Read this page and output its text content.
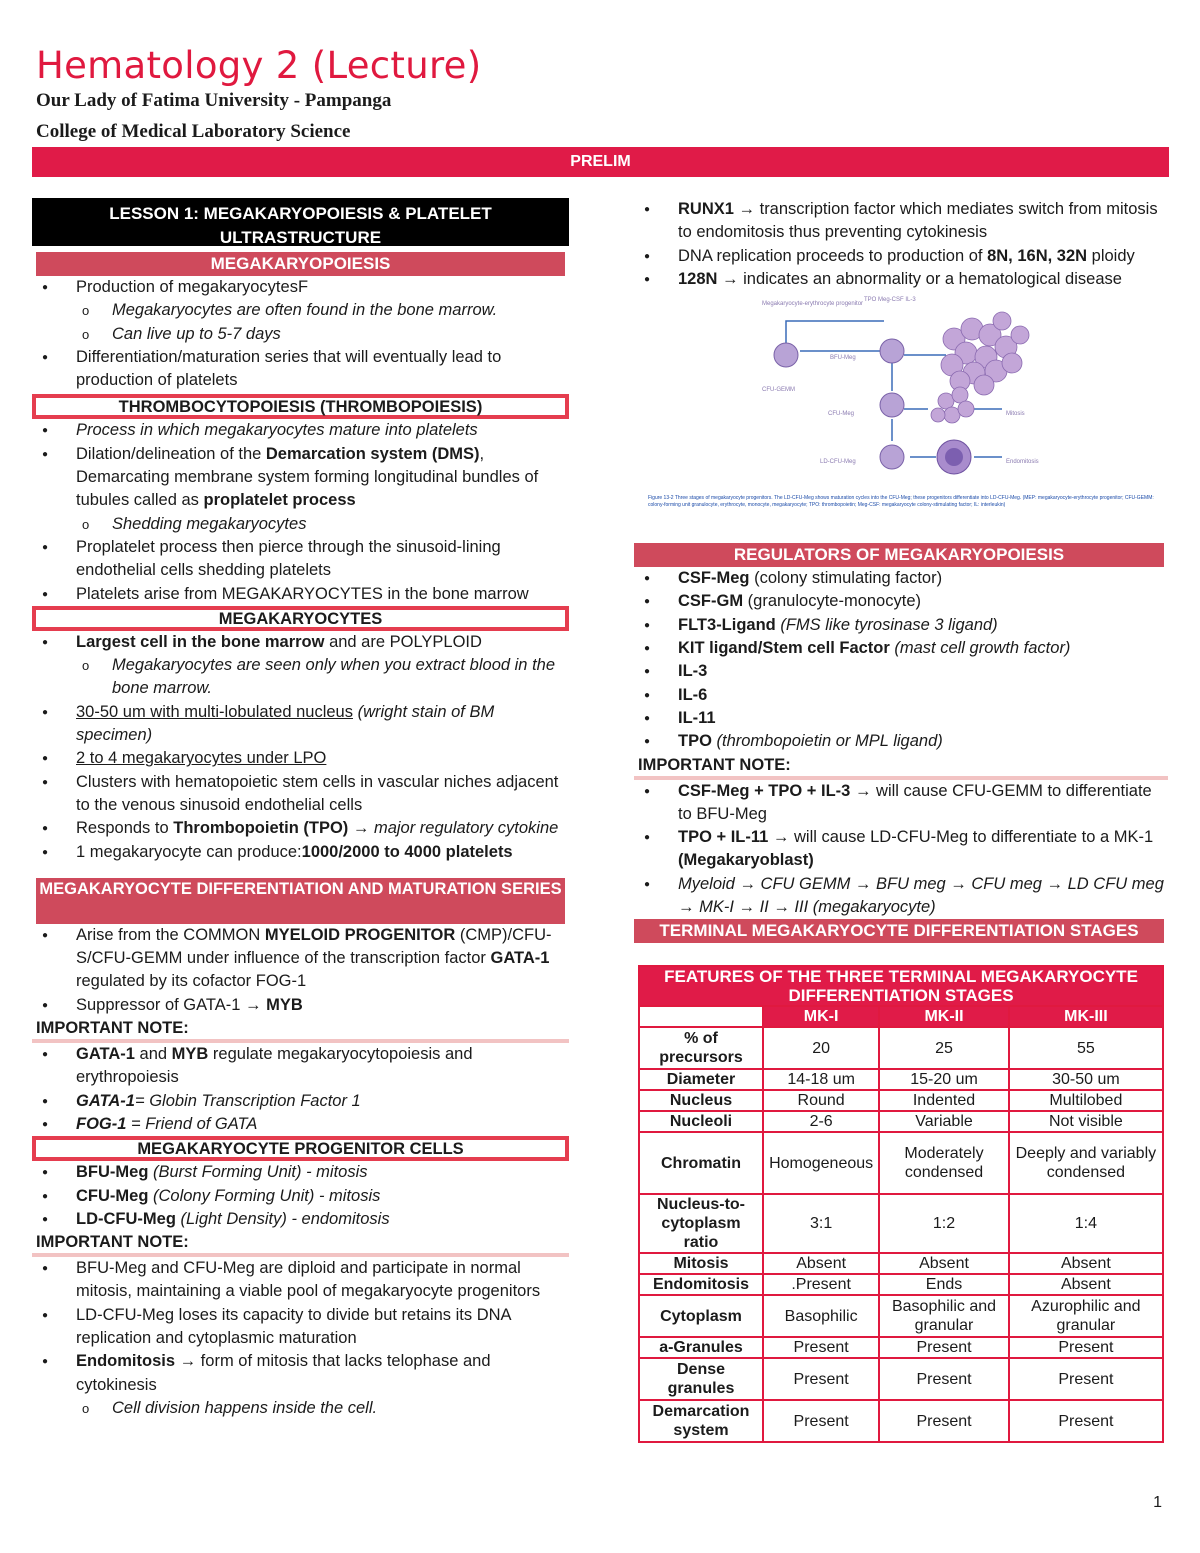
Hematology 2 (Lecture)
Our Lady of Fatima University - Pampanga
College of Medical Laboratory Science
PRELIM
LESSON 1: MEGAKARYOPOIESIS & PLATELET ULTRASTRUCTURE
MEGAKARYOPOIESIS
● Production of megakaryocytesF
o Megakaryocytes are often found in the bone marrow.
o Can live up to 5-7 days
● Differentiation/maturation series that will eventually lead to production of platelets
THROMBOCYTOPOIESIS (THROMBOPOIESIS)
● Process in which megakaryocytes mature into platelets
● Dilation/delineation of the Demarcation system (DMS), Demarcating membrane system forming longitudinal bundles of tubules called as proplatelet process
o Shedding megakaryocytes
● Proplatelet process then pierce through the sinusoid-lining endothelial cells shedding platelets
● Platelets arise from MEGAKARYOCYTES in the bone marrow
MEGAKARYOCYTES
● Largest cell in the bone marrow and are POLYPLOID
o Megakaryocytes are seen only when you extract blood in the bone marrow.
● 30-50 um with multi-lobulated nucleus (wright stain of BM specimen)
● 2 to 4 megakaryocytes under LPO
● Clusters with hematopoietic stem cells in vascular niches adjacent to the venous sinusoid endothelial cells
● Responds to Thrombopoietin (TPO) → major regulatory cytokine
● 1 megakaryocyte can produce:1000/2000 to 4000 platelets
MEGAKARYOCYTE DIFFERENTIATION AND MATURATION SERIES
● Arise from the COMMON MYELOID PROGENITOR (CMP)/CFU-S/CFU-GEMM under influence of the transcription factor GATA-1 regulated by its cofactor FOG-1
● Suppressor of GATA-1 → MYB
IMPORTANT NOTE:
● GATA-1 and MYB regulate megakaryocytopoiesis and erythropoiesis
● GATA-1= Globin Transcription Factor 1
● FOG-1 = Friend of GATA
MEGAKARYOCYTE PROGENITOR CELLS
● BFU-Meg (Burst Forming Unit) - mitosis
● CFU-Meg (Colony Forming Unit) - mitosis
● LD-CFU-Meg (Light Density) - endomitosis
IMPORTANT NOTE:
● BFU-Meg and CFU-Meg are diploid and participate in normal mitosis, maintaining a viable pool of megakaryocyte progenitors
● LD-CFU-Meg loses its capacity to divide but retains its DNA replication and cytoplasmic maturation
● Endomitosis → form of mitosis that lacks telophase and cytokinesis
o Cell division happens inside the cell.
● RUNX1 → transcription factor which mediates switch from mitosis to endomitosis thus preventing cytokinesis
● DNA replication proceeds to production of 8N, 16N, 32N ploidy
● 128N → indicates an abnormality or a hematological disease
Megakaryocyte-erythrocyte progenitor
TPO Meg-CSF IL-3
BFU-Meg
CFU-GEMM
CFU-Meg
LD-CFU-Meg
Mitosis
Endomitosis
Figure 13-2 Three stages of megakaryocyte progenitors. The LD-CFU-Meg shows maturation cycles into the CFU-Meg; these progenitors differentiate into LD-CFU-Meg. (MEP: megakaryocyte-erythrocyte progenitor; CFU-GEMM: colony-forming unit granulocyte, erythrocyte, monocyte, megakaryocyte; TPO: thrombopoietin; Meg-CSF: megakaryocyte colony-stimulating factor; IL: interleukin)
REGULATORS OF MEGAKARYOPOIESIS
● CSF-Meg (colony stimulating factor)
● CSF-GM (granulocyte-monocyte)
● FLT3-Ligand (FMS like tyrosinase 3 ligand)
● KIT ligand/Stem cell Factor (mast cell growth factor)
● IL-3
● IL-6
● IL-11
● TPO (thrombopoietin or MPL ligand)
IMPORTANT NOTE:
● CSF-Meg + TPO + IL-3 → will cause CFU-GEMM to differentiate to BFU-Meg
● TPO + IL-11 → will cause LD-CFU-Meg to differentiate to a MK-1 (Megakaryoblast)
● Myeloid → CFU GEMM → BFU meg → CFU meg → LD CFU meg → MK-I → II → III (megakaryocyte)
TERMINAL MEGAKARYOCYTE DIFFERENTIATION STAGES
FEATURES OF THE THREE TERMINAL MEGAKARYOCYTE DIFFERENTIATION STAGES			
	MK-I	MK-II	MK-III
% of precursors	20	25	55
Diameter	14-18 um	15-20 um	30-50 um
Nucleus	Round	Indented	Multilobed
Nucleoli	2-6	Variable	Not visible
Chromatin	Homogeneous	Moderately condensed	Deeply and variably condensed
Nucleus-to-cytoplasm ratio	3:1	1:2	1:4
Mitosis	Absent	Absent	Absent
Endomitosis	.Present	Ends	Absent
Cytoplasm	Basophilic	Basophilic and granular	Azurophilic and granular
a-Granules	Present	Present	Present
Dense granules	Present	Present	Present
Demarcation system	Present	Present	Present
1
